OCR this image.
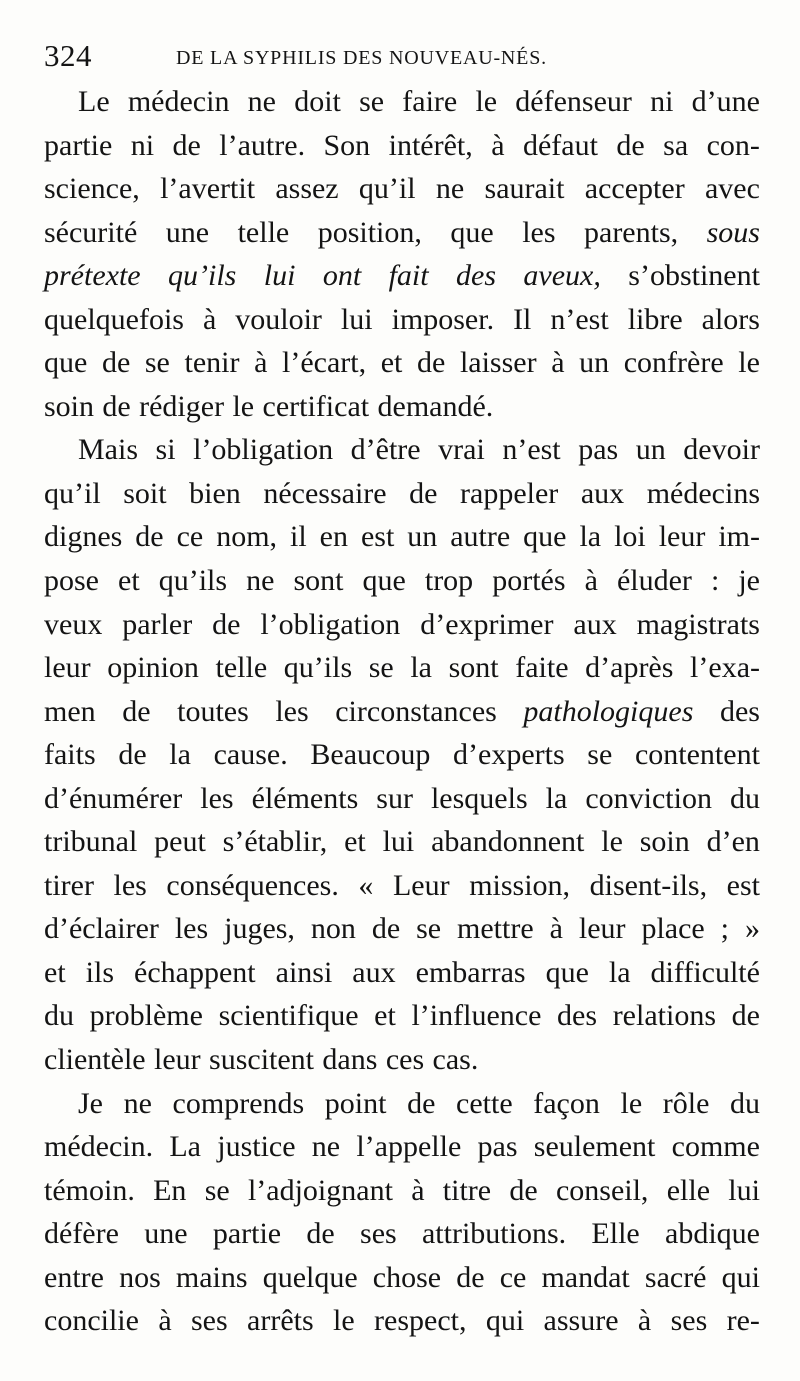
324	DE LA SYPHILIS DES NOUVEAU-NÉS.
Le médecin ne doit se faire le défenseur ni d’une
partie ni de l’autre. Son intérêt, à défaut de sa con-
science, l’avertit assez qu’il ne saurait accepter avec
sécurité une telle position, que les parents, sous
prétexte qu’ils lui ont fait des aveux, s’obstinent
quelquefois à vouloir lui imposer. Il n’est libre alors
que de se tenir à l’écart, et de laisser à un confrère le
soin de rédiger le certificat demandé.
Mais si l’obligation d’être vrai n’est pas un devoir
qu’il soit bien nécessaire de rappeler aux médecins
dignes de ce nom, il en est un autre que la loi leur im-
pose et qu’ils ne sont que trop portés à éluder : je
veux parler de l’obligation d’exprimer aux magistrats
leur opinion telle qu’ils se la sont faite d’après l’exa-
men de toutes les circonstances pathologiques des
faits de la cause. Beaucoup d’experts se contentent
d’énumérer les éléments sur lesquels la conviction du
tribunal peut s’établir, et lui abandonnent le soin d’en
tirer les conséquences. « Leur mission, disent-ils, est
d’éclairer les juges, non de se mettre à leur place ; »
et ils échappent ainsi aux embarras que la difficulté
du problème scientifique et l’influence des relations de
clientèle leur suscitent dans ces cas.
Je ne comprends point de cette façon le rôle du
médecin. La justice ne l’appelle pas seulement comme
témoin. En se l’adjoignant à titre de conseil, elle lui
défère une partie de ses attributions. Elle abdique
entre nos mains quelque chose de ce mandat sacré qui
concilie à ses arrêts le respect, qui assure à ses re-
